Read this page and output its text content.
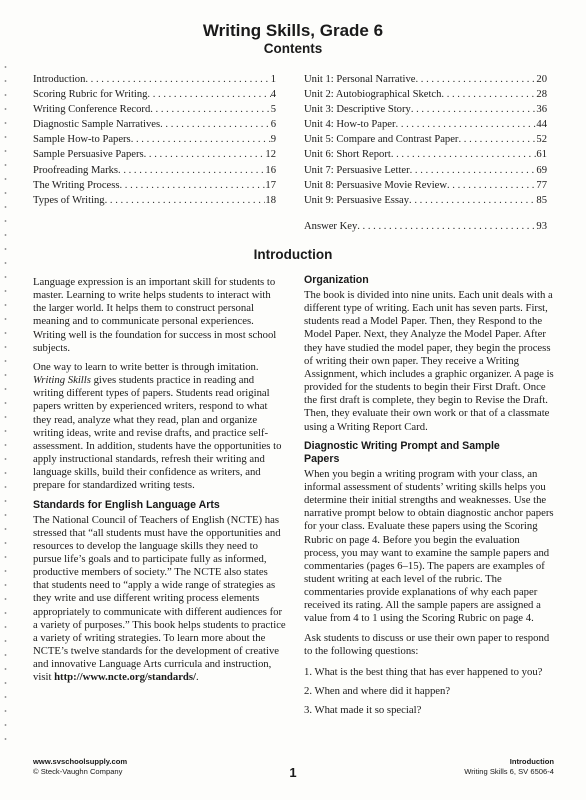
Writing Skills, Grade 6
Contents
Introduction . . .	1
Scoring Rubric for Writing . . .	4
Writing Conference Record . . .	5
Diagnostic Sample Narratives . . .	6
Sample How-to Papers . . .	9
Sample Persuasive Papers . . .	12
Proofreading Marks . . .	16
The Writing Process . . .	17
Types of Writing . . .	18
Unit 1: Personal Narrative . . .	20
Unit 2: Autobiographical Sketch . . .	28
Unit 3: Descriptive Story . . .	36
Unit 4: How-to Paper . . .	44
Unit 5: Compare and Contrast Paper . . .	52
Unit 6: Short Report . . .	61
Unit 7: Persuasive Letter . . .	69
Unit 8: Persuasive Movie Review . . .	77
Unit 9: Persuasive Essay . . .	85
Answer Key . . .	93
Introduction

Language expression is an important skill for students to master. Learning to write helps students to interact with the larger world. It helps them to construct personal meaning and to communicate personal experiences. Writing well is the foundation for success in most school subjects.

One way to learn to write better is through imitation. Writing Skills gives students practice in reading and writing different types of papers. Students read original papers written by experienced writers, respond to what they read, analyze what they read, plan and organize writing ideas, write and revise drafts, and practice self-assessment. In addition, students have the opportunities to apply instructional standards, refresh their writing and language skills, build their confidence as writers, and prepare for standardized writing tests.

Standards for English Language Arts

The National Council of Teachers of English (NCTE) has stressed that “all students must have the opportunities and resources to develop the language skills they need to pursue life’s goals and to participate fully as informed, productive members of society.” The NCTE also states that students need to “apply a wide range of strategies as they write and use different writing process elements appropriately to communicate with different audiences for a variety of purposes.” This book helps students to practice a variety of writing strategies. To learn more about the NCTE’s twelve standards for the development of creative and innovative Language Arts curricula and instruction, visit http://www.ncte.org/standards/.

Organization

The book is divided into nine units. Each unit deals with a different type of writing. Each unit has seven parts. First, students read a Model Paper. Then, they Respond to the Model Paper. Next, they Analyze the Model Paper. After they have studied the model paper, they begin the process of writing their own paper. They receive a Writing Assignment, which includes a graphic organizer. A page is provided for the students to begin their First Draft. Once the first draft is complete, they begin to Revise the Draft. Then, they evaluate their own work or that of a classmate using a Writing Report Card.

Diagnostic Writing Prompt and Sample Papers

When you begin a writing program with your class, an informal assessment of students’ writing skills helps you determine their initial strengths and weaknesses. Use the narrative prompt below to obtain diagnostic anchor papers for your class. Evaluate these papers using the Scoring Rubric on page 4. Before you begin the evaluation process, you may want to examine the sample papers and commentaries (pages 6–15). The papers are examples of student writing at each level of the rubric. The commentaries provide explanations of why each paper received its rating. All the sample papers are assigned a value from 4 to 1 using the Scoring Rubric on page 4.

Ask students to discuss or use their own paper to respond to the following questions:

1. What is the best thing that has ever happened to you?

2. When and where did it happen?

3. What made it so special?

www.svschoolsupply.com
© Steck-Vaughn Company	1
Introduction
Writing Skills 6, SV 6506-4
